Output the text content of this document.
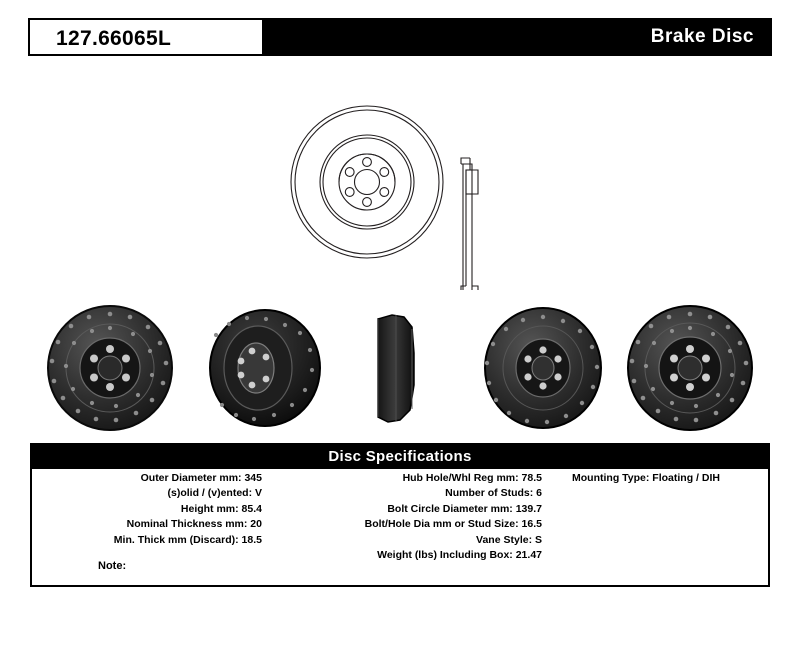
127.66065L	Brake Disc
Disc Specifications
Outer Diameter mm: 345
(s)olid / (v)ented: V
Height mm: 85.4
Nominal Thickness mm: 20
Min. Thick mm (Discard): 18.5
Hub Hole/Whl Reg mm: 78.5
Number of Studs: 6
Bolt Circle Diameter mm: 139.7
Bolt/Hole Dia mm or Stud Size: 16.5
Vane Style: S
Weight (lbs) Including Box: 21.47
Mounting Type: Floating / DIH
Note:
